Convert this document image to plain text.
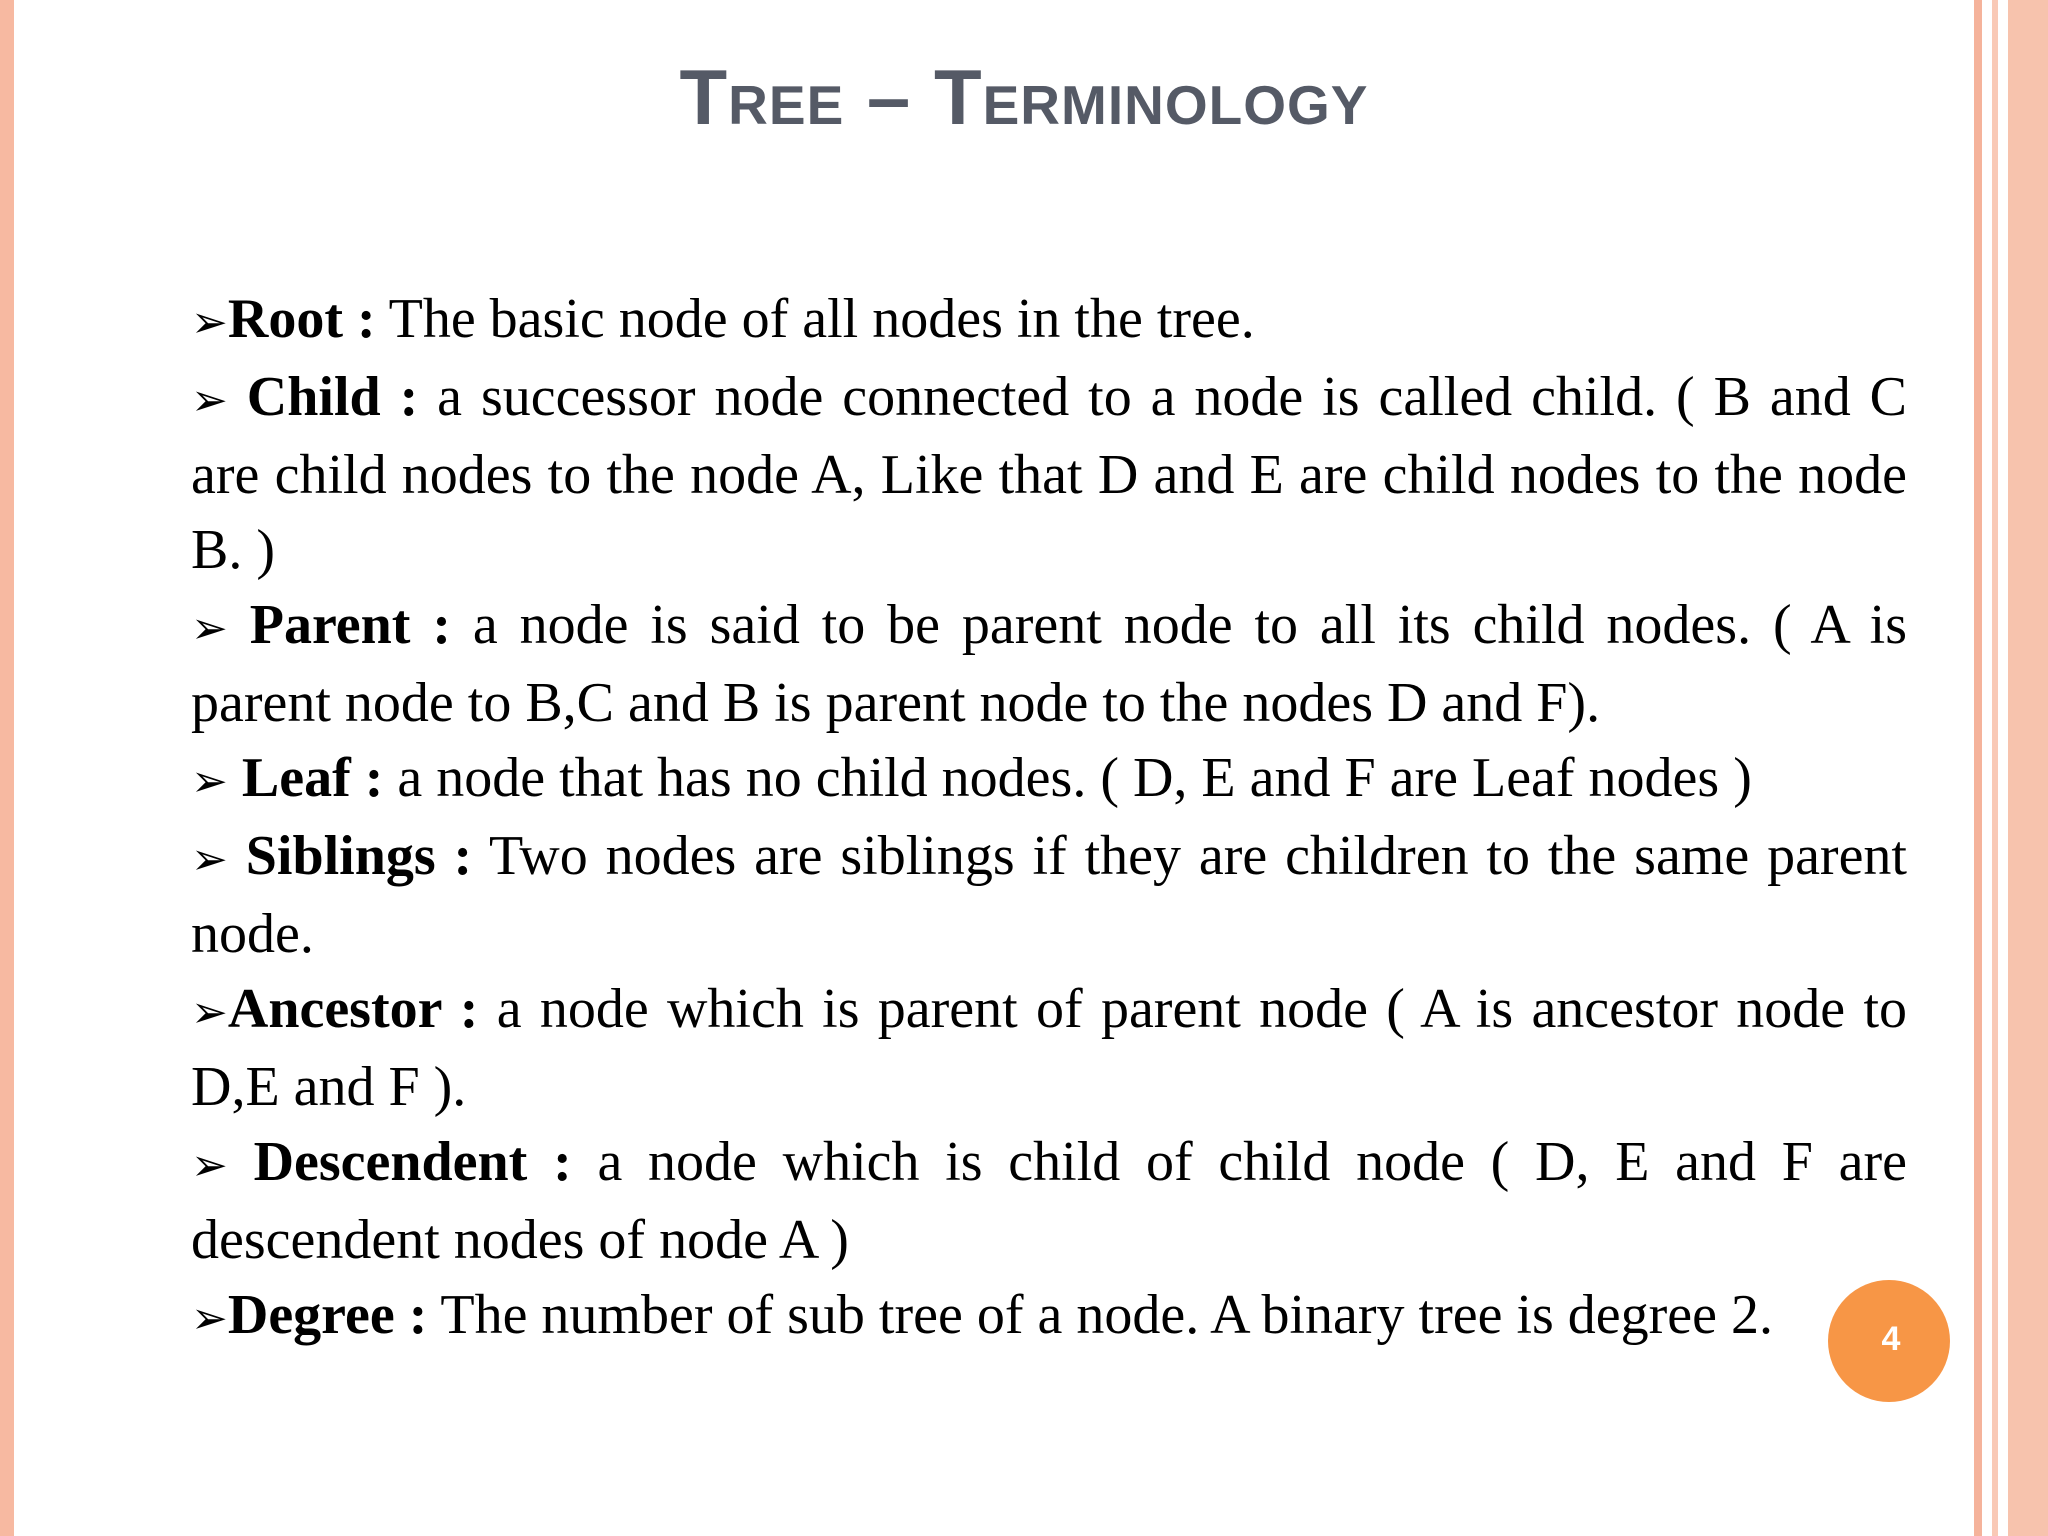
Tree – Terminology

➢Root : The basic node of all nodes in the tree.

➢ Child : a successor node connected to a node is called child. ( B and C are child nodes to the node A, Like that D and E are child nodes to the node B. )

➢ Parent : a node is said to be parent node to all its child nodes. ( A is parent node to B,C and B is parent node to the nodes D and F).

➢ Leaf : a node that has no child nodes. ( D, E and F are Leaf nodes )

➢ Siblings : Two nodes are siblings if they are children to the same parent node.

➢Ancestor : a node which is parent of parent node ( A is ancestor node to D,E and F ).

➢ Descendent : a node which is child of child node ( D, E and F are descendent nodes of node A )

➢Degree : The number of sub tree of a node. A binary tree is degree 2.	4
